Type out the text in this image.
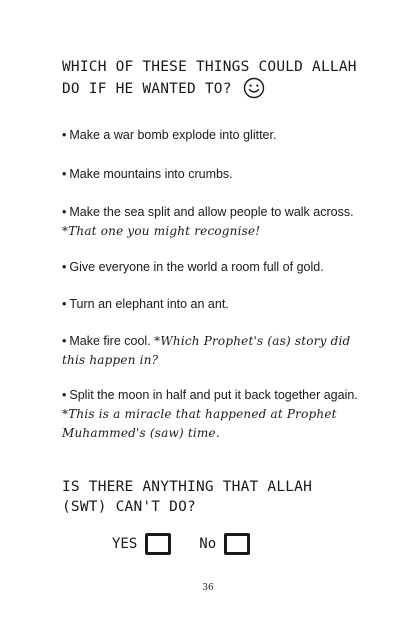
WHICH OF THESE THINGS COULD ALLAH DO IF HE WANTED TO?
• Make a war bomb explode into glitter.
• Make mountains into crumbs.
• Make the sea split and allow people to walk across. *That one you might recognise!
• Give everyone in the world a room full of gold.
• Turn an elephant into an ant.
• Make fire cool. *Which Prophet's (as) story did this happen in?
• Split the moon in half and put it back together again. *This is a miracle that happened at Prophet Muhammed's (saw) time.
IS THERE ANYTHING THAT ALLAH (SWT) CAN'T DO?
YES	No
36
